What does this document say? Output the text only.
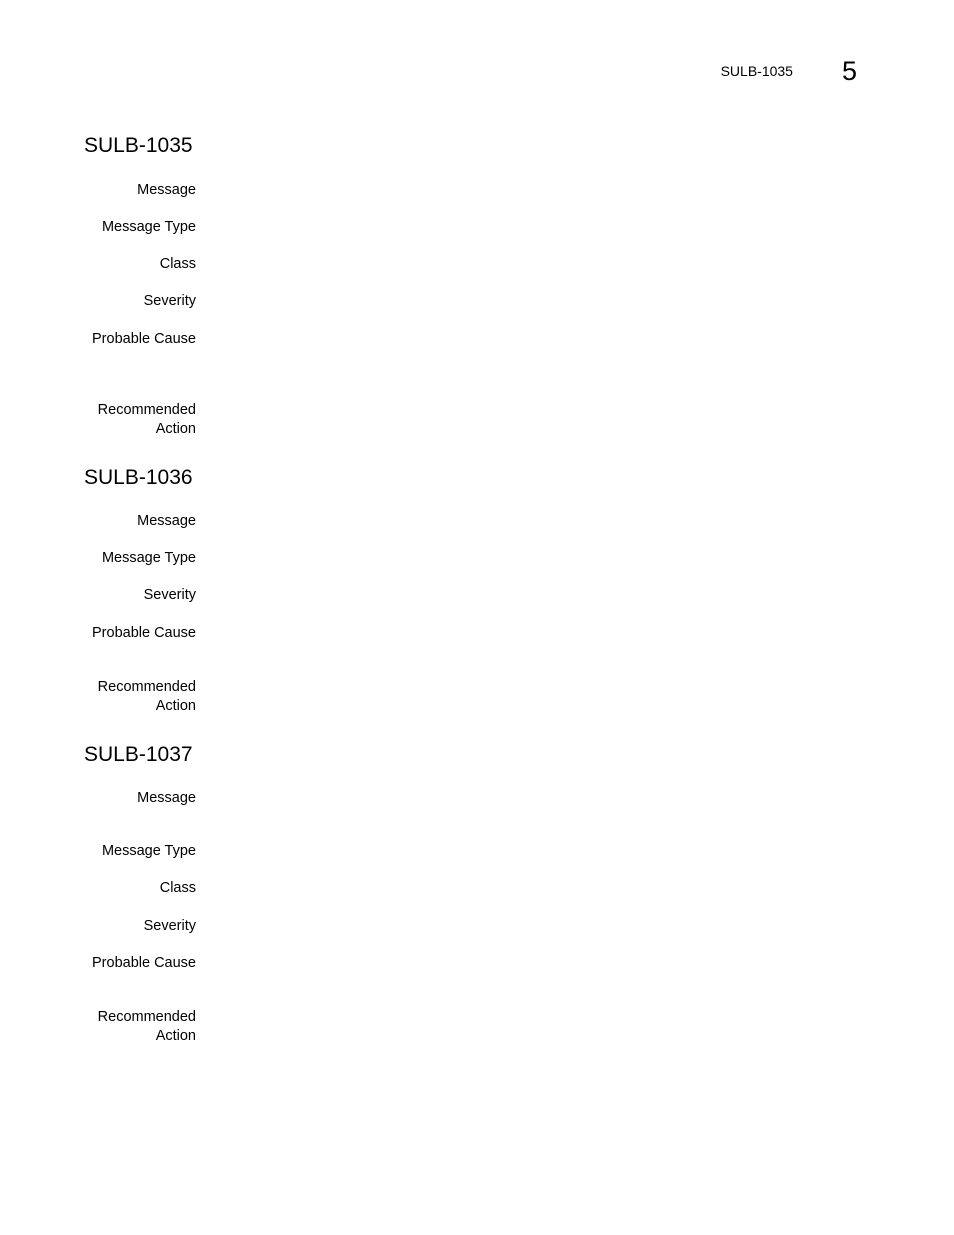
SULB-1035 5
SULB-1035
Message
Message Type
Class
Severity
Probable Cause
Recommended
Action
SULB-1036
Message
Message Type
Severity
Probable Cause
Recommended
Action
SULB-1037
Message
Message Type
Class
Severity
Probable Cause
Recommended
Action
